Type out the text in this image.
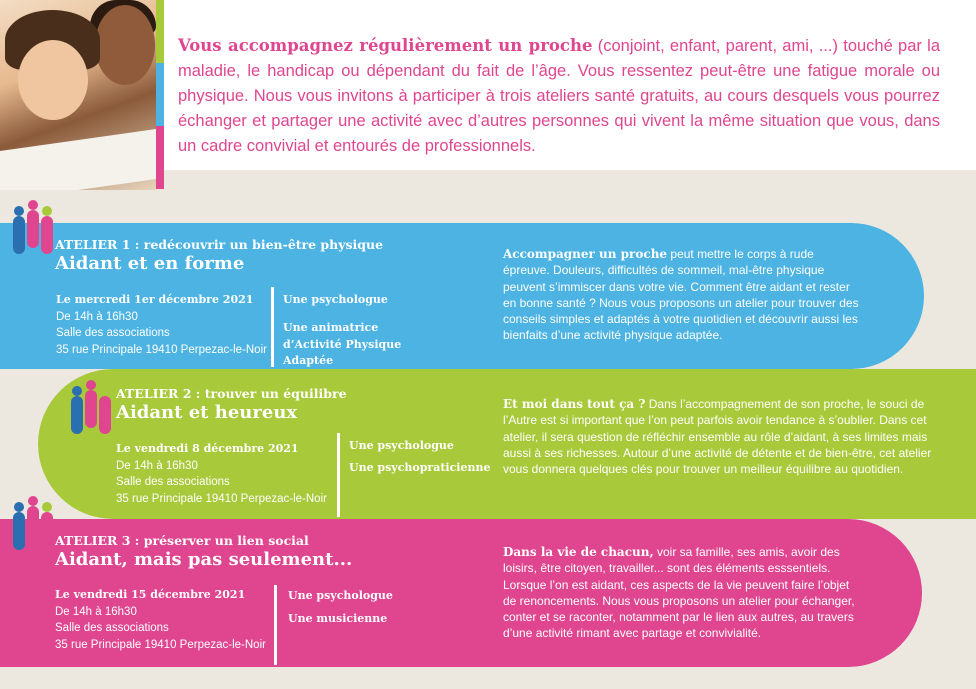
Vous accompagnez régulièrement un proche (conjoint, enfant, parent, ami, ...) touché par la maladie, le handicap ou dépendant du fait de l’âge. Vous ressentez peut-être une fatigue morale ou physique. Nous vous invitons à participer à trois ateliers santé gratuits, au cours desquels vous pourrez échanger et partager une activité avec d’autres personnes qui vivent la même situation que vous, dans un cadre convivial et entourés de professionnels.
ATELIER 1 : redécouvrir un bien-être physique
Aidant et en forme
Le mercredi 1er décembre 2021
De 14h à 16h30
Salle des associations
35 rue Principale 19410 Perpezac-le-Noir
Une psychologue
Une animatrice d’Activité Physique Adaptée
Accompagner un proche peut mettre le corps à rude épreuve. Douleurs, difficultés de sommeil, mal-être physique peuvent s’immiscer dans votre vie. Comment être aidant et rester en bonne santé ? Nous vous proposons un atelier pour trouver des conseils simples et adaptés à votre quotidien et découvrir aussi les bienfaits d’une activité physique adaptée.
ATELIER 2 : trouver un équilibre
Aidant et heureux
Le vendredi 8 décembre 2021
De 14h à 16h30
Salle des associations
35 rue Principale 19410 Perpezac-le-Noir
Une psychologue
Une psychopraticienne
Et moi dans tout ça ? Dans l’accompagnement de son proche, le souci de l’Autre est si important que l’on peut parfois avoir tendance à s’oublier. Dans cet atelier, il sera question de réfléchir ensemble au rôle d’aidant, à ses limites mais aussi à ses richesses. Autour d’une activité de détente et de bien-être, cet atelier vous donnera quelques clés pour trouver un meilleur équilibre au quotidien.
ATELIER 3 : préserver un lien social
Aidant, mais pas seulement...
Le vendredi 15 décembre 2021
De 14h à 16h30
Salle des associations
35 rue Principale 19410 Perpezac-le-Noir
Une psychologue
Une musicienne
Dans la vie de chacun, voir sa famille, ses amis, avoir des loisirs, être citoyen, travailler... sont des éléments esssentiels. Lorsque l’on est aidant, ces aspects de la vie peuvent faire l’objet de renoncements. Nous vous proposons un atelier pour échanger, conter et se raconter, notamment par le lien aux autres, au travers d’une activité rimant avec partage et convivialité.
